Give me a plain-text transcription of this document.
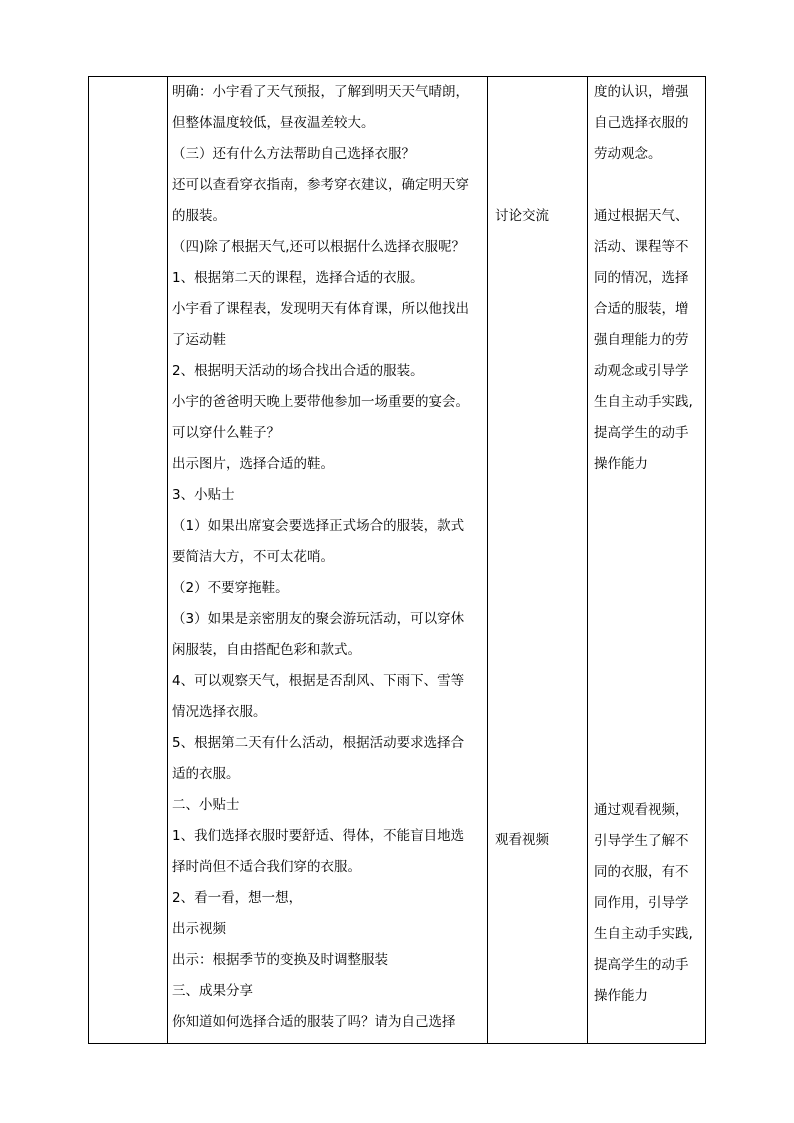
明确：小宇看了天气预报，了解到明天天气晴朗，

但整体温度较低，昼夜温差较大。

（三）还有什么方法帮助自己选择衣服？

还可以查看穿衣指南，参考穿衣建议，确定明天穿

的服装。

（四)除了根据天气,还可以根据什么选择衣服呢？

1、根据第二天的课程，选择合适的衣服。

小宇看了课程表，发现明天有体育课，所以他找出

了运动鞋

2、根据明天活动的场合找出合适的服装。

小宇的爸爸明天晚上要带他参加一场重要的宴会。

可以穿什么鞋子？

出示图片，选择合适的鞋。

3、小贴士

（1）如果出席宴会要选择正式场合的服装，款式

要简洁大方，不可太花哨。

（2）不要穿拖鞋。

（3）如果是亲密朋友的聚会游玩活动，可以穿休

闲服装，自由搭配色彩和款式。

4、可以观察天气，根据是否刮风、下雨下、雪等

情况选择衣服。

5、根据第二天有什么活动，根据活动要求选择合

适的衣服。

二、小贴士

1、我们选择衣服时要舒适、得体，不能盲目地选

择时尚但不适合我们穿的衣服。

2、看一看，想一想，

出示视频

出示：根据季节的变换及时调整服装

三、成果分享

你知道如何选择合适的服装了吗？请为自己选择

讨论交流
观看视频

度的认识，增强

自己选择衣服的

劳动观念。

通过根据天气、

活动、课程等不

同的情况，选择

合适的服装，增

强自理能力的劳

动观念或引导学

生自主动手实践,

提高学生的动手

操作能力

通过观看视频，

引导学生了解不

同的衣服，有不

同作用，引导学

生自主动手实践,

提高学生的动手

操作能力
